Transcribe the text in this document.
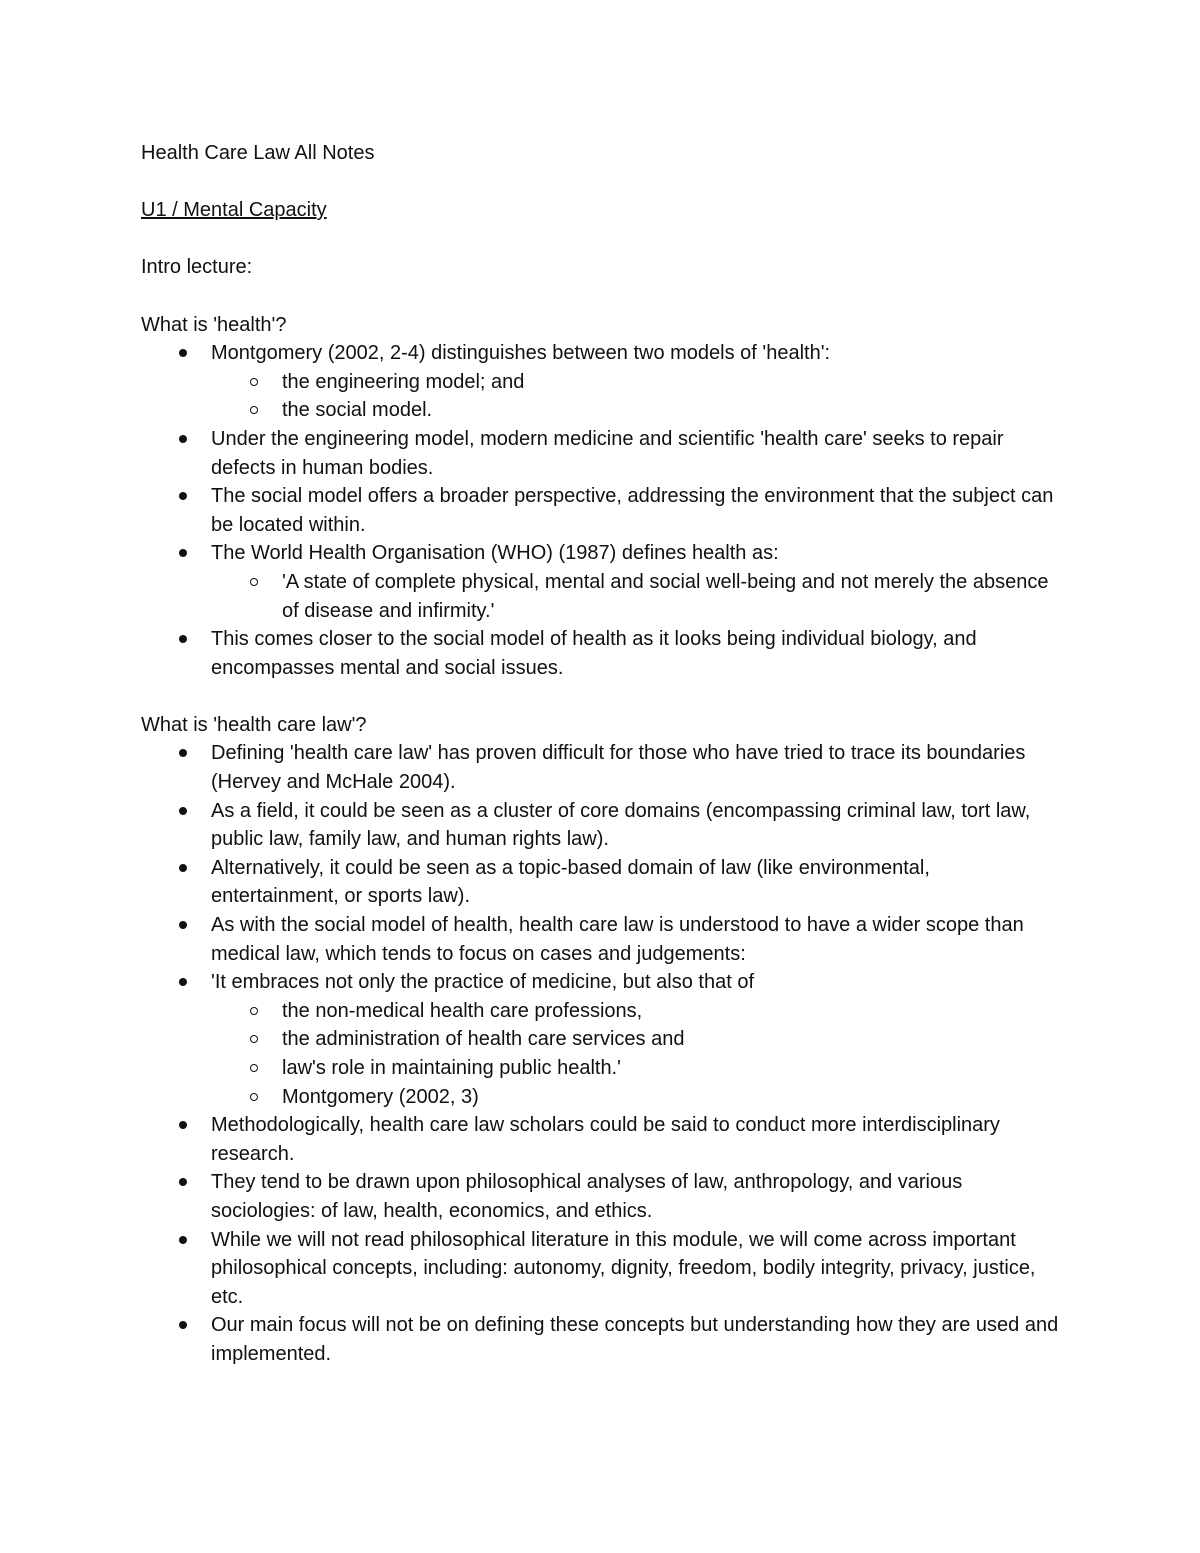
Health Care Law All Notes

U1 / Mental Capacity

Intro lecture:

What is 'health'?

Montgomery (2002, 2-4) distinguishes between two models of 'health':
the engineering model; and
the social model.
Under the engineering model, modern medicine and scientific 'health care' seeks to repair defects in human bodies.
The social model offers a broader perspective, addressing the environment that the subject can be located within.
The World Health Organisation (WHO) (1987) defines health as:
'A state of complete physical, mental and social well-being and not merely the absence of disease and infirmity.'
This comes closer to the social model of health as it looks being individual biology, and encompasses mental and social issues.

What is 'health care law'?

Defining 'health care law' has proven difficult for those who have tried to trace its boundaries (Hervey and McHale 2004).
As a field, it could be seen as a cluster of core domains (encompassing criminal law, tort law, public law, family law, and human rights law).
Alternatively, it could be seen as a topic-based domain of law (like environmental, entertainment, or sports law).
As with the social model of health, health care law is understood to have a wider scope than medical law, which tends to focus on cases and judgements:
'It embraces not only the practice of medicine, but also that of
the non-medical health care professions,
the administration of health care services and
law's role in maintaining public health.'
Montgomery (2002, 3)
Methodologically, health care law scholars could be said to conduct more interdisciplinary research.
They tend to be drawn upon philosophical analyses of law, anthropology, and various sociologies: of law, health, economics, and ethics.
While we will not read philosophical literature in this module, we will come across important philosophical concepts, including: autonomy, dignity, freedom, bodily integrity, privacy, justice, etc.
Our main focus will not be on defining these concepts but understanding how they are used and implemented.
